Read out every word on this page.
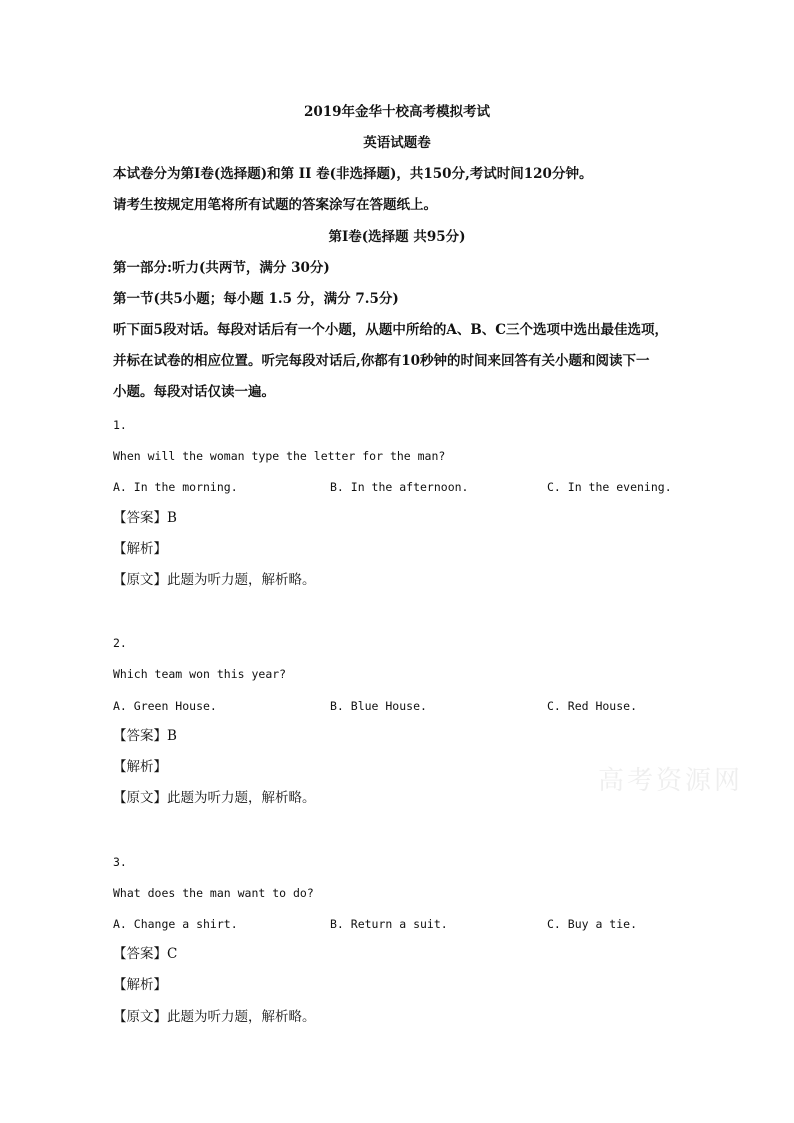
2019年金华十校高考模拟考试
英语试题卷
本试卷分为第Ⅰ卷(选择题)和第 II 卷(非选择题)，共150分,考试时间120分钟。
请考生按规定用笔将所有试题的答案涂写在答题纸上。
第Ⅰ卷(选择题 共95分)
第一部分:听力(共两节，满分 30分)
第一节(共5小题；每小题 1.5 分，满分 7.5分)
听下面5段对话。每段对话后有一个小题，从题中所给的A、B、C三个选项中选出最佳选项，
并标在试卷的相应位置。听完每段对话后,你都有10秒钟的时间来回答有关小题和阅读下一
小题。每段对话仅读一遍。
1.
When will the woman type the letter for the man?
A. In the morning.	B. In the afternoon.	C. In the evening.
【答案】B
【解析】
【原文】此题为听力题，解析略。
2.
Which team won this year?
A. Green House.	B. Blue House.	C. Red House.
【答案】B
【解析】
【原文】此题为听力题，解析略。
3.
What does the man want to do?
A. Change a shirt.	B. Return a suit.	C. Buy a tie.
【答案】C
【解析】
【原文】此题为听力题，解析略。
高考资源网
